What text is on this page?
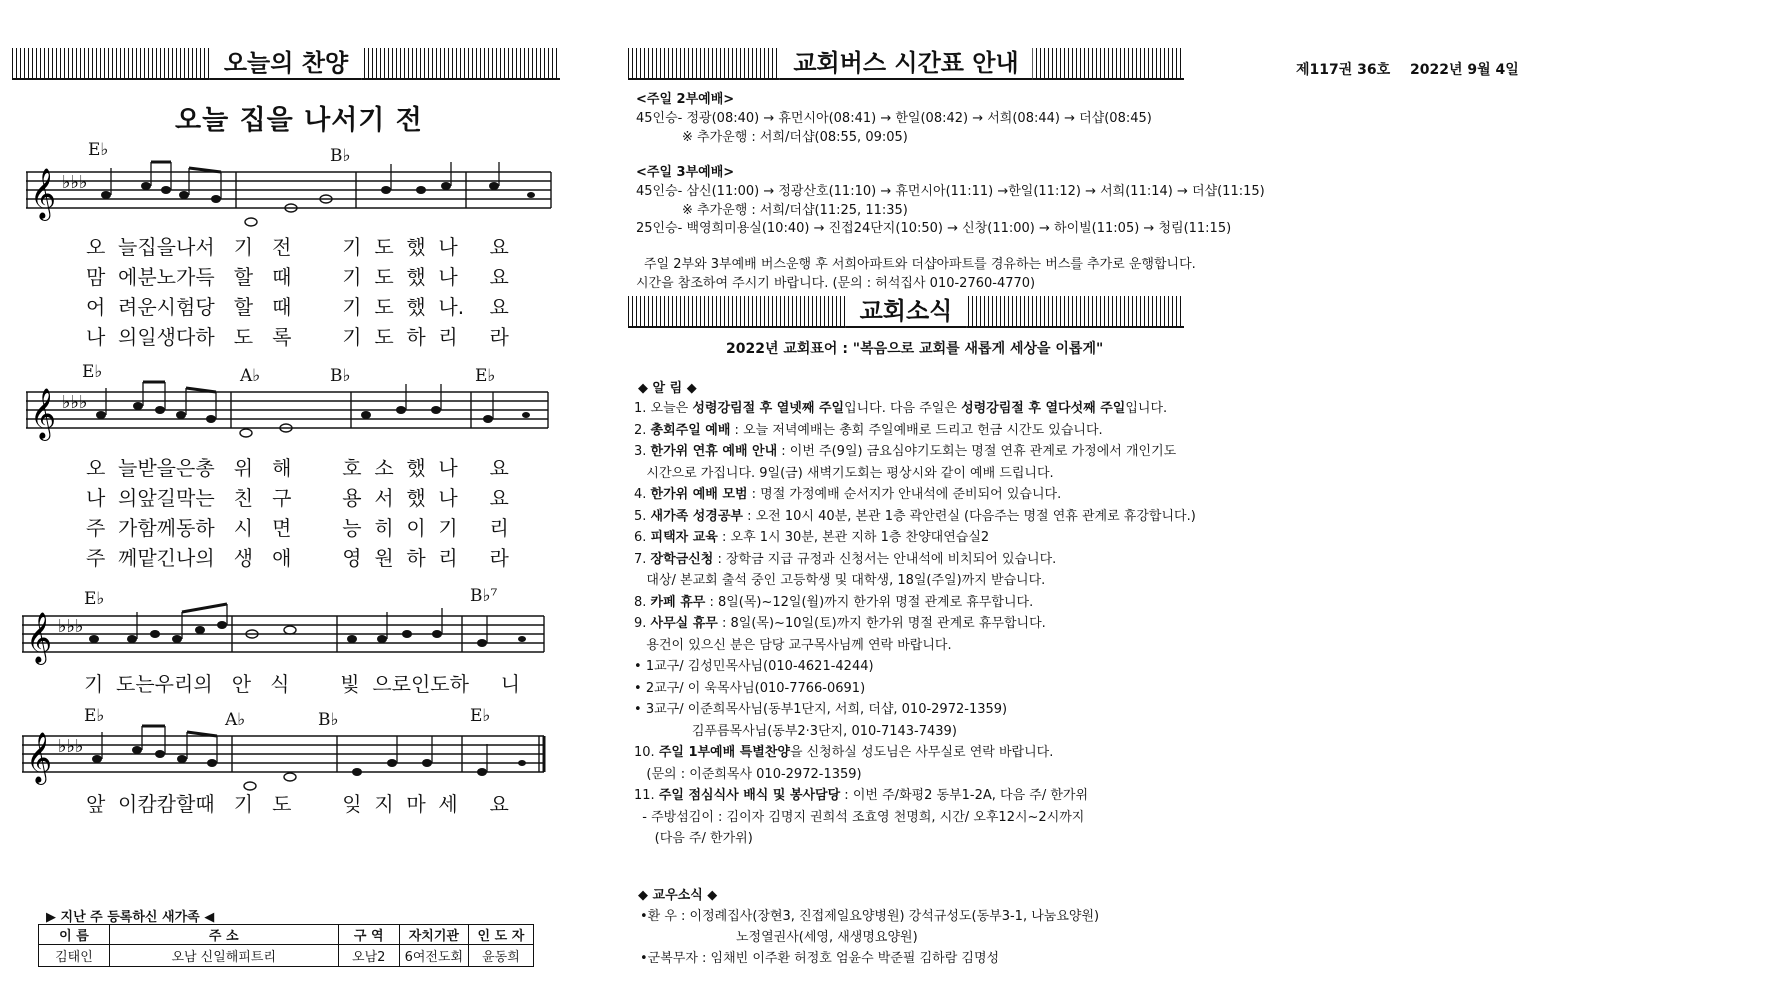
오늘의 찬양
오늘 집을 나서기 전
E♭	B♭
𝄞 ♭♭♭
오  늘집을나서   기   전        기  도  했  나     요
맘  에분노가득   할   때        기  도  했  나     요
어  려운시험당   할   때        기  도  했  나.    요
나  의일생다하   도   록        기  도  하  리     라
E♭	A♭	B♭	E♭
𝄞 ♭♭♭
오  늘받을은총   위   해        호  소  했  나     요
나  의앞길막는   친   구        용  서  했  나     요
주  가함께동하   시   면        능  히  이  기     리
주  께맡긴나의   생   애        영  원  하  리     라
E♭	B♭⁷
𝄞 ♭♭♭
기  도는우리의   안   식        빛  으로인도하     니
E♭	A♭	B♭	E♭
𝄞 ♭♭♭
앞  이캄캄할때   기   도        잊  지  마  세     요
▶ 지난 주 등록하신 새가족 ◀
이 름	주 소	구 역	자치기관	인 도 자
김태인	오남 신일해피트리	오남2	6여전도회	윤동희
제117권 36호 2022년 9월 4일
교회버스 시간표 안내
<주일 2부예배>
45인승- 정광(08:40) → 휴먼시아(08:41) → 한일(08:42) → 서희(08:44) → 더샵(08:45)
※ 추가운행 : 서희/더샵(08:55, 09:05)
<주일 3부예배>
45인승- 삼신(11:00) → 정광산호(11:10) → 휴먼시아(11:11) →한일(11:12) → 서희(11:14) → 더샵(11:15)
※ 추가운행 : 서희/더샵(11:25, 11:35)
25인승- 백영희미용실(10:40) → 진접24단지(10:50) → 신창(11:00) → 하이빌(11:05) → 청림(11:15)
주일 2부와 3부예배 버스운행 후 서희아파트와 더샵아파트를 경유하는 버스를 추가로 운행합니다.
시간을 참조하여 주시기 바랍니다. (문의 : 허석집사 010-2760-4770)
교회소식
2022년 교회표어 : "복음으로 교회를 새롭게 세상을 이롭게"
◆ 알 림 ◆
1. 오늘은 성령강림절 후 열넷째 주일입니다. 다음 주일은 성령강림절 후 열다섯째 주일입니다.
2. 총회주일 예배 : 오늘 저녁예배는 총회 주일예배로 드리고 헌금 시간도 있습니다.
3. 한가위 연휴 예배 안내 : 이번 주(9일) 금요심야기도회는 명절 연휴 관계로 가정에서 개인기도
시간으로 가집니다. 9일(금) 새벽기도회는 평상시와 같이 예배 드립니다.
4. 한가위 예배 모범 : 명절 가정예배 순서지가 안내석에 준비되어 있습니다.
5. 새가족 성경공부 : 오전 10시 40분, 본관 1층 곽안련실 (다음주는 명절 연휴 관계로 휴강합니다.)
6. 피택자 교육 : 오후 1시 30분, 본관 지하 1층 찬양대연습실2
7. 장학금신청 : 장학금 지급 규정과 신청서는 안내석에 비치되어 있습니다.
대상/ 본교회 출석 중인 고등학생 및 대학생, 18일(주일)까지 받습니다.
8. 카페 휴무 : 8일(목)~12일(월)까지 한가위 명절 관계로 휴무합니다.
9. 사무실 휴무 : 8일(목)~10일(토)까지 한가위 명절 관계로 휴무합니다.
용건이 있으신 분은 담당 교구목사님께 연락 바랍니다.
• 1교구/ 김성민목사님(010-4621-4244)
• 2교구/ 이 욱목사님(010-7766-0691)
• 3교구/ 이준희목사님(동부1단지, 서희, 더샵, 010-2972-1359)
김푸름목사님(동부2·3단지, 010-7143-7439)
10. 주일 1부예배 특별찬양을 신청하실 성도님은 사무실로 연락 바랍니다.
(문의 : 이준희목사 010-2972-1359)
11. 주일 점심식사 배식 및 봉사담당 : 이번 주/화평2 동부1-2A, 다음 주/ 한가위
- 주방섬김이 : 김이자 김명지 권희석 조효영 천명희, 시간/ 오후12시~2시까지
(다음 주/ 한가위)
◆ 교우소식 ◆
•환 우 : 이정례집사(장현3, 진접제일요양병원) 강석규성도(동부3-1, 나눔요양원)
노정열권사(세영, 새생명요양원)
•군복무자 : 임채빈 이주환 허정호 엄윤수 박준필 김하람 김명성
